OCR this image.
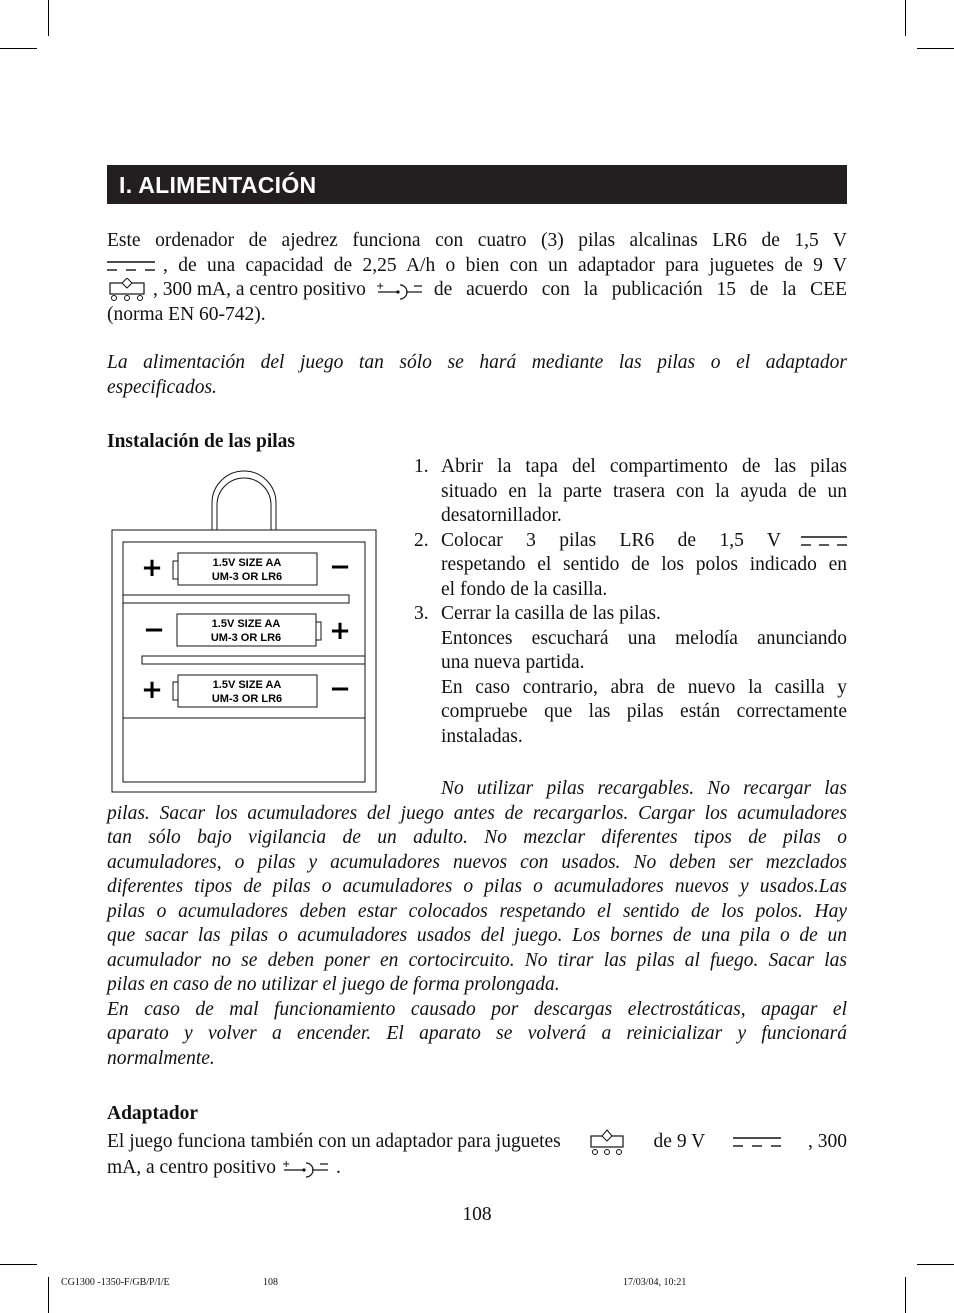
I. ALIMENTACIÓN
Este ordenador de ajedrez funciona con cuatro (3) pilas alcalinas LR6 de 1,5 V
, de una capacidad de 2,25 A/h o bien con un adaptador para juguetes de 9 V
, 300 mA, a centro positivo +	de acuerdo con la publicación 15 de la CEE
(norma EN 60-742).
La alimentación del juego tan sólo se hará mediante las pilas o el adaptador
especificados.
Instalación de las pilas
1.5V SIZE AA
UM-3 OR LR6
+	−
1.5V SIZE AA
UM-3 OR LR6
−	+
1.5V SIZE AA
UM-3 OR LR6
+	−
1. Abrir la tapa del compartimento de las pilas
situado en la parte trasera con la ayuda de un
desatornillador.
2. Colocar 3 pilas LR6 de 1,5 V
respetando el sentido de los polos indicado en
el fondo de la casilla.
3. Cerrar la casilla de las pilas.
Entonces escuchará una melodía anunciando
una nueva partida.
En caso contrario, abra de nuevo la casilla y
compruebe que las pilas están correctamente
instaladas.
No utilizar pilas recargables. No recargar las
pilas. Sacar los acumuladores del juego antes de recargarlos. Cargar los acumuladores
tan sólo bajo vigilancia de un adulto. No mezclar diferentes tipos de pilas o
acumuladores, o pilas y acumuladores nuevos con usados. No deben ser mezclados
diferentes tipos de pilas o acumuladores o pilas o acumuladores nuevos y usados.Las
pilas o acumuladores deben estar colocados respetando el sentido de los polos. Hay
que sacar las pilas o acumuladores usados del juego. Los bornes de una pila o de un
acumulador no se deben poner en cortocircuito. No tirar las pilas al fuego. Sacar las
pilas en caso de no utilizar el juego de forma prolongada.
En caso de mal funcionamiento causado por descargas electrostáticas, apagar el
aparato y volver a encender. El aparato se volverá a reinicializar y funcionará
normalmente.
Adaptador
El juego funciona también con un adaptador para juguetes	de 9 V	, 300
mA, a centro positivo + .
108
CG1300 -1350-F/GB/P/I/E	108	17/03/04, 10:21
